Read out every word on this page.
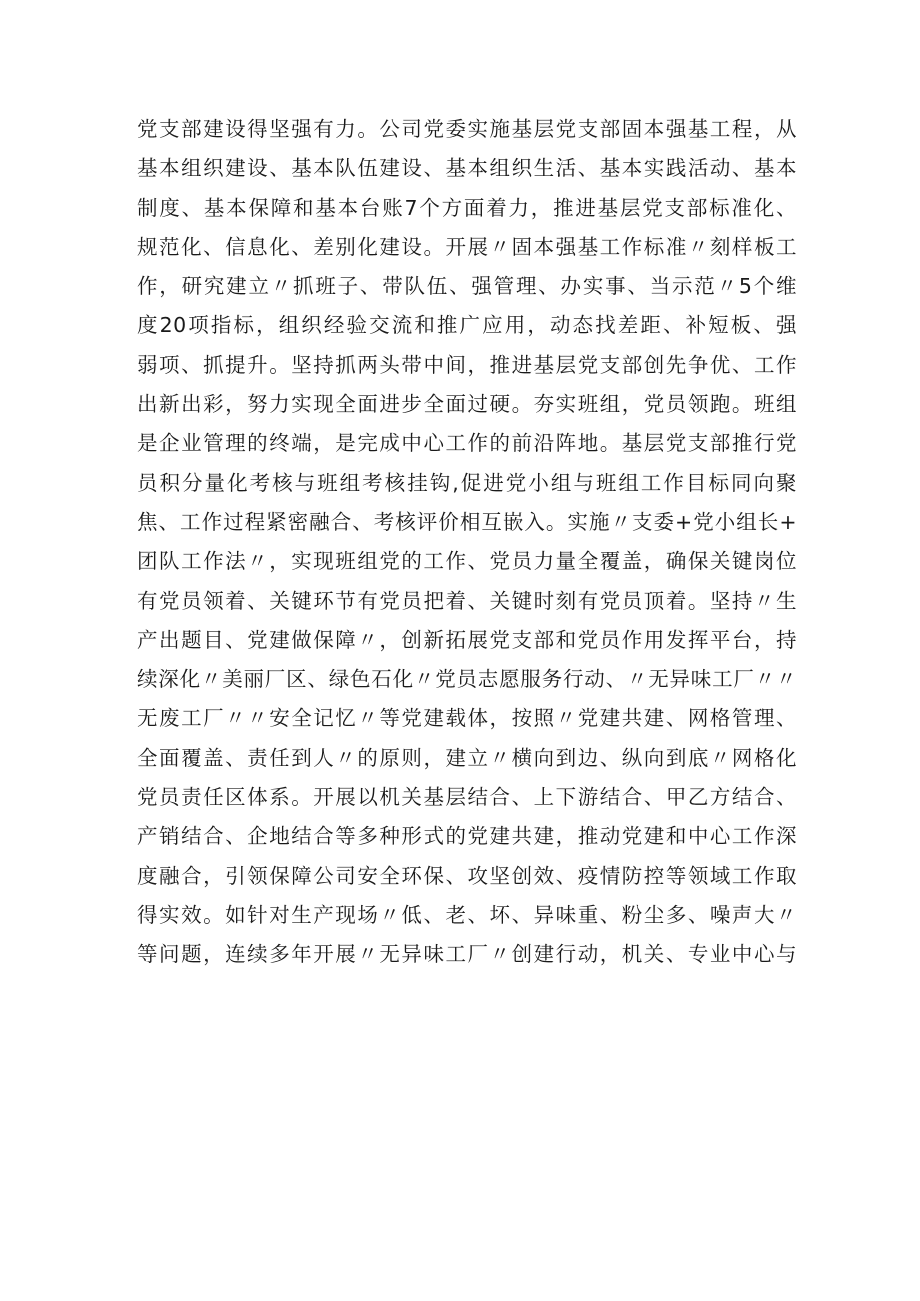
党支部建设得坚强有力。公司党委实施基层党支部固本强基工程，从
基本组织建设、基本队伍建设、基本组织生活、基本实践活动、基本
制度、基本保障和基本台账7个方面着力，推进基层党支部标准化、
规范化、信息化、差别化建设。开展〃固本强基工作标准〃刻样板工
作，研究建立〃抓班子、带队伍、强管理、办实事、当示范〃5个维
度20项指标，组织经验交流和推广应用，动态找差距、补短板、强
弱项、抓提升。坚持抓两头带中间，推进基层党支部创先争优、工作
出新出彩，努力实现全面进步全面过硬。夯实班组，党员领跑。班组
是企业管理的终端，是完成中心工作的前沿阵地。基层党支部推行党
员积分量化考核与班组考核挂钩,促进党小组与班组工作目标同向聚
焦、工作过程紧密融合、考核评价相互嵌入。实施〃支委+党小组长+
团队工作法〃，实现班组党的工作、党员力量全覆盖，确保关键岗位
有党员领着、关键环节有党员把着、关键时刻有党员顶着。坚持〃生
产出题目、党建做保障〃，创新拓展党支部和党员作用发挥平台，持
续深化〃美丽厂区、绿色石化〃党员志愿服务行动、〃无异味工厂〃〃
无废工厂〃〃安全记忆〃等党建载体，按照〃党建共建、网格管理、
全面覆盖、责任到人〃的原则，建立〃横向到边、纵向到底〃网格化
党员责任区体系。开展以机关基层结合、上下游结合、甲乙方结合、
产销结合、企地结合等多种形式的党建共建，推动党建和中心工作深
度融合，引领保障公司安全环保、攻坚创效、疫情防控等领域工作取
得实效。如针对生产现场〃低、老、坏、异味重、粉尘多、噪声大〃
等问题，连续多年开展〃无异味工厂〃创建行动，机关、专业中心与
